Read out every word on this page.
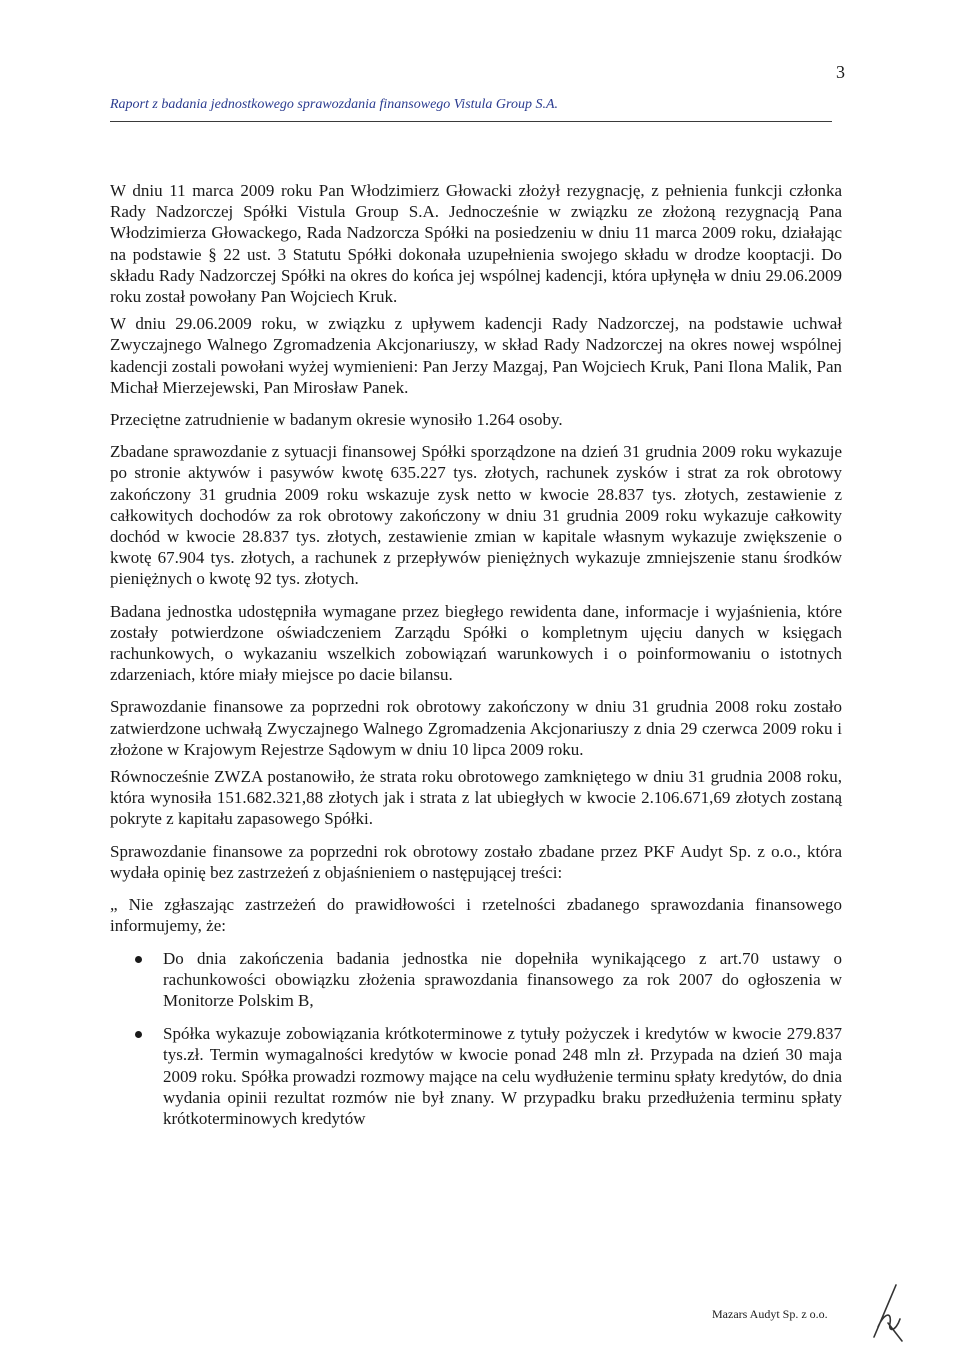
3
Raport z badania jednostkowego sprawozdania finansowego Vistula Group S.A.

W dniu 11 marca 2009 roku Pan Włodzimierz Głowacki złożył rezygnację, z pełnienia funkcji członka Rady Nadzorczej Spółki Vistula Group S.A. Jednocześnie w związku ze złożoną rezygnacją Pana Włodzimierza Głowackego, Rada Nadzorcza Spółki na posiedzeniu w dniu 11 marca 2009 roku, działając na podstawie § 22 ust. 3 Statutu Spółki dokonała uzupełnienia swojego składu w drodze kooptacji. Do składu Rady Nadzorczej Spółki na okres do końca jej wspólnej kadencji, która upłynęła w dniu 29.06.2009 roku został powołany Pan Wojciech Kruk.

W dniu 29.06.2009 roku, w związku z upływem kadencji Rady Nadzorczej, na podstawie uchwał Zwyczajnego Walnego Zgromadzenia Akcjonariuszy, w skład Rady Nadzorczej na okres nowej wspólnej kadencji zostali powołani wyżej wymienieni: Pan Jerzy Mazgaj, Pan Wojciech Kruk, Pani Ilona Malik, Pan Michał Mierzejewski, Pan Mirosław Panek.

Przeciętne zatrudnienie w badanym okresie wynosiło 1.264 osoby.

Zbadane sprawozdanie z sytuacji finansowej Spółki sporządzone na dzień 31 grudnia 2009 roku wykazuje po stronie aktywów i pasywów kwotę 635.227 tys. złotych, rachunek zysków i strat za rok obrotowy zakończony 31 grudnia 2009 roku wskazuje zysk netto w kwocie 28.837 tys. złotych, zestawienie z całkowitych dochodów za rok obrotowy zakończony w dniu 31 grudnia 2009 roku wykazuje całkowity dochód w kwocie 28.837 tys. złotych, zestawienie zmian w kapitale własnym wykazuje zwiększenie o kwotę 67.904 tys. złotych, a rachunek z przepływów pieniężnych wykazuje zmniejszenie stanu środków pieniężnych o kwotę 92 tys. złotych.

Badana jednostka udostępniła wymagane przez biegłego rewidenta dane, informacje i wyjaśnienia, które zostały potwierdzone oświadczeniem Zarządu Spółki o kompletnym ujęciu danych w księgach rachunkowych, o wykazaniu wszelkich zobowiązań warunkowych i o poinformowaniu o istotnych zdarzeniach, które miały miejsce po dacie bilansu.

Sprawozdanie finansowe za poprzedni rok obrotowy zakończony w dniu 31 grudnia 2008 roku zostało zatwierdzone uchwałą Zwyczajnego Walnego Zgromadzenia Akcjonariuszy z dnia 29 czerwca 2009 roku i złożone w Krajowym Rejestrze Sądowym w dniu 10 lipca 2009 roku.

Równocześnie ZWZA postanowiło, że strata roku obrotowego zamkniętego w dniu 31 grudnia 2008 roku, która wynosiła 151.682.321,88 złotych jak i strata z lat ubiegłych w kwocie 2.106.671,69 złotych zostaną pokryte z kapitału zapasowego Spółki.

Sprawozdanie finansowe za poprzedni rok obrotowy zostało zbadane przez PKF Audyt Sp. z o.o., która wydała opinię bez zastrzeżeń z objaśnieniem o następującej treści:

„ Nie zgłaszając zastrzeżeń do prawidłowości i rzetelności zbadanego sprawozdania finansowego informujemy, że:

Do dnia zakończenia badania jednostka nie dopełniła wynikającego z art.70 ustawy o rachunkowości obowiązku złożenia sprawozdania finansowego za rok 2007 do ogłoszenia w Monitorze Polskim B,
Spółka wykazuje zobowiązania krótkoterminowe z tytuły pożyczek i kredytów w kwocie 279.837 tys.zł. Termin wymagalności kredytów w kwocie ponad 248 mln zł. Przypada na dzień 30 maja 2009 roku. Spółka prowadzi rozmowy mające na celu wydłużenie terminu spłaty kredytów, do dnia wydania opinii rezultat rozmów nie był znany. W przypadku braku przedłużenia terminu spłaty krótkoterminowych kredytów
Mazars Audyt Sp. z o.o.
